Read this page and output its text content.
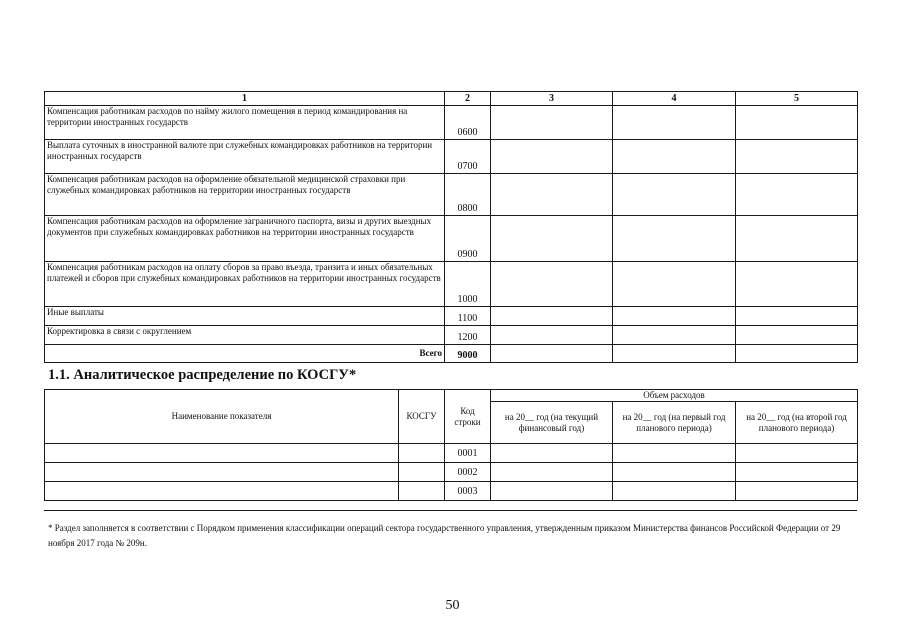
1	2	3	4	5
Компенсация работникам расходов по найму жилого помещения в период командирования на территории иностранных государств	0600			
Выплата суточных в иностранной валюте при служебных командировках работников на территории иностранных государств	0700			
Компенсация работникам расходов на оформление обязательной медицинской страховки при служебных командировках работников на территории иностранных государств	0800			
Компенсация работникам расходов на оформление заграничного паспорта, визы и других выездных документов при служебных командировках работников на территории иностранных государств	0900			
Компенсация работникам расходов на оплату сборов за право въезда, транзита и иных обязательных платежей и сборов при служебных командировках работников на территории иностранных государств	1000			
Иные выплаты	1100			
Корректировка в связи с округлением	1200			
Всего	9000			
1.1. Аналитическое распределение по КОСГУ*
Наименование показателя	КОСГУ	Код строки	Объем расходов		
			на 20__ год (на текущий финансовый год)	на 20__ год (на первый год планового периода)	на 20__ год (на второй год планового периода)
		0001			
		0002			
		0003			

* Раздел заполняется в соответствии с Порядком применения классификации операций сектора государственного управления, утвержденным приказом Министерства финансов Российской Федерации от 29 ноября 2017 года № 209н.

50
